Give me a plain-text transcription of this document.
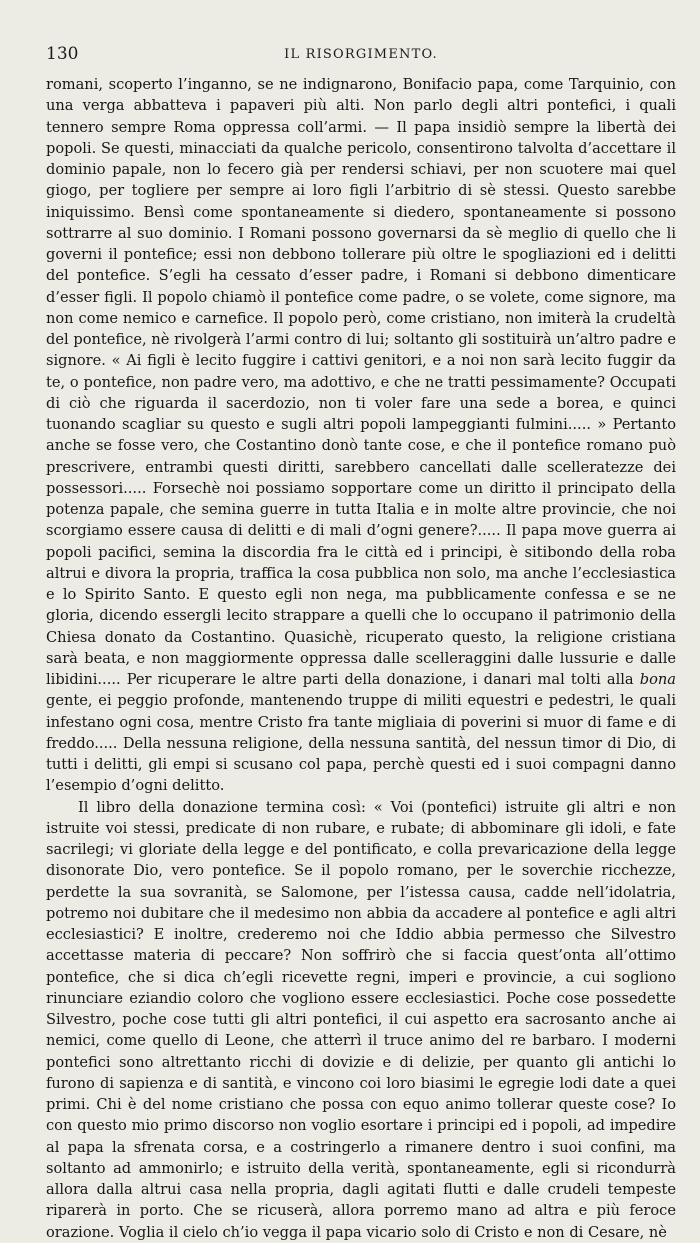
130	IL RISORGIMENTO.

romani, scoperto l’inganno, se ne indignarono, Bonifacio papa, come Tarquinio, con una verga abbatteva i papaveri più alti. Non parlo degli altri pontefici, i quali tennero sempre Roma oppressa coll’armi. — Il papa insidiò sempre la libertà dei popoli. Se questi, minacciati da qualche pericolo, consentirono talvolta d’accettare il dominio papale, non lo fecero già per rendersi schiavi, per non scuotere mai quel giogo, per togliere per sempre ai loro figli l’arbitrio di sè stessi. Questo sarebbe iniquissimo. Bensì come spontaneamente si diedero, spontaneamente si possono sottrarre al suo dominio. I Romani possono governarsi da sè meglio di quello che li governi il pontefice; essi non debbono tollerare più oltre le spogliazioni ed i delitti del pontefice. S’egli ha cessato d’esser padre, i Romani si debbono dimenticare d’esser figli. Il popolo chiamò il pontefice come padre, o se volete, come signore, ma non come nemico e carnefice. Il popolo però, come cristiano, non imiterà la crudeltà del pontefice, nè rivolgerà l’armi contro di lui; soltanto gli sostituirà un’altro padre e signore. « Ai figli è lecito fuggire i cattivi genitori, e a noi non sarà lecito fuggir da te, o pontefice, non padre vero, ma adottivo, e che ne tratti pessimamente? Occupati di ciò che riguarda il sacerdozio, non ti voler fare una sede a borea, e quinci tuonando scagliar su questo e sugli altri popoli lampeggianti fulmini..... » Pertanto anche se fosse vero, che Costantino donò tante cose, e che il pontefice romano può prescrivere, entrambi questi diritti, sarebbero cancellati dalle scelleratezze dei possessori..... Forsechè noi possiamo sopportare come un diritto il principato della potenza papale, che semina guerre in tutta Italia e in molte altre provincie, che noi scorgiamo essere causa di delitti e di mali d’ogni genere?..... Il papa move guerra ai popoli pacifici, semina la discordia fra le città ed i principi, è sitibondo della roba altrui e divora la propria, traffica la cosa pubblica non solo, ma anche l’ecclesiastica e lo Spirito Santo. E questo egli non nega, ma pubblicamente confessa e se ne gloria, dicendo essergli lecito strappare a quelli che lo occupano il patrimonio della Chiesa donato da Costantino. Quasichè, ricuperato questo, la religione cristiana sarà beata, e non maggiormente oppressa dalle scelleraggini dalle lussurie e dalle libidini..... Per ricuperare le altre parti della donazione, i danari mal tolti alla bona gente, ei peggio profonde, mantenendo truppe di militi equestri e pedestri, le quali infestano ogni cosa, mentre Cristo fra tante migliaia di poverini si muor di fame e di freddo..... Della nessuna religione, della nessuna santità, del nessun timor di Dio, di tutti i delitti, gli empi si scusano col papa, perchè questi ed i suoi compagni danno l’esempio d’ogni delitto.

Il libro della donazione termina così: « Voi (pontefici) istruite gli altri e non istruite voi stessi, predicate di non rubare, e rubate; di abbominare gli idoli, e fate sacrilegi; vi gloriate della legge e del pontificato, e colla prevaricazione della legge disonorate Dio, vero pontefice. Se il popolo romano, per le soverchie ricchezze, perdette la sua sovranità, se Salomone, per l’istessa causa, cadde nell’idolatria, potremo noi dubitare che il medesimo non abbia da accadere al pontefice e agli altri ecclesiastici? E inoltre, crederemo noi che Iddio abbia permesso che Silvestro accettasse materia di peccare? Non soffrirò che si faccia quest’onta all’ottimo pontefice, che si dica ch’egli ricevette regni, imperi e provincie, a cui sogliono rinunciare eziandio coloro che vogliono essere ecclesiastici. Poche cose possedette Silvestro, poche cose tutti gli altri pontefici, il cui aspetto era sacrosanto anche ai nemici, come quello di Leone, che atterrì il truce animo del re barbaro. I moderni pontefici sono altrettanto ricchi di dovizie e di delizie, per quanto gli antichi lo furono di sapienza e di santità, e vincono coi loro biasimi le egregie lodi date a quei primi. Chi è del nome cristiano che possa con equo animo tollerar queste cose? Io con questo mio primo discorso non voglio esortare i principi ed i popoli, ad impedire al papa la sfrenata corsa, e a costringerlo a rimanere dentro i suoi confini, ma soltanto ad ammonirlo; e istruito della verità, spontaneamente, egli si ricondurrà allora dalla altrui casa nella propria, dagli agitati flutti e dalle crudeli tempeste riparerà in porto. Che se ricuserà, allora porremo mano ad altra e più feroce orazione. Voglia il cielo ch’io vegga il papa vicario solo di Cristo e non di Cesare, nè
